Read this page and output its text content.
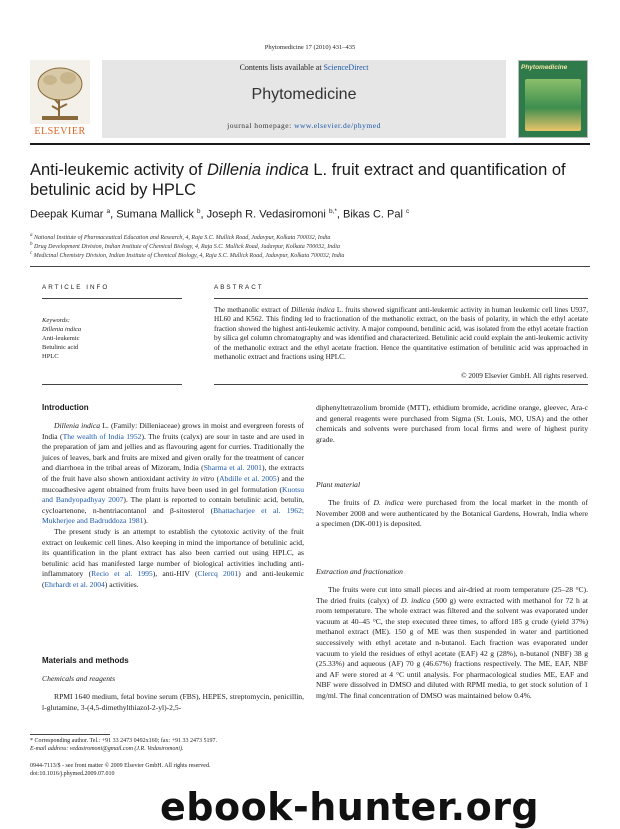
Phytomedicine 17 (2010) 431–435
ELSEVIER
Contents lists available at ScienceDirect
Phytomedicine
journal homepage: www.elsevier.de/phymed
Phytomedicine
Anti-leukemic activity of Dillenia indica L. fruit extract and quantification of betulinic acid by HPLC
Deepak Kumar $^a$, Sumana Mallick $^b$, Joseph R. Vedasiromoni $^{b,*}$, Bikas C. Pal $^c$
$^a$ National Institute of Pharmaceutical Education and Research, 4, Raja S.C. Mullick Road, Jadavpur, Kolkata 700032, India
$^b$ Drug Development Division, Indian Institute of Chemical Biology, 4, Raja S.C. Mullick Road, Jadavpur, Kolkata 700032, India
$^c$ Medicinal Chemistry Division, Indian Institute of Chemical Biology, 4, Raja S.C. Mullick Road, Jadavpur, Kolkata 700032, India
ARTICLE INFO
Keywords:
Dillenia indica
Anti-leukemic
Betulinic acid
HPLC
ABSTRACT
The methanolic extract of Dillenia indica L. fruits showed significant anti-leukemic activity in human leukemic cell lines U937, HL60 and K562. This finding led to fractionation of the methanolic extract, on the basis of polarity, in which the ethyl acetate fraction showed the highest anti-leukemic activity. A major compound, betulinic acid, was isolated from the ethyl acetate fraction by silica gel column chromatography and was identified and characterized. Betulinic acid could explain the anti-leukemic activity of the methanolic extract and the ethyl acetate fraction. Hence the quantitative estimation of betulinic acid was approached in methanolic extract and fractions using HPLC.
© 2009 Elsevier GmbH. All rights reserved.
Introduction

Dillenia indica L. (Family: Dilleniaceae) grows in moist and evergreen forests of India (The wealth of India 1952). The fruits (calyx) are sour in taste and are used in the preparation of jam and jellies and as flavouring agent for curries. Traditionally the juices of leaves, bark and fruits are mixed and given orally for the treatment of cancer and diarrhoea in the tribal areas of Mizoram, India (Sharma et al. 2001), the extracts of the fruit have also shown antioxidant activity in vitro (Abdille et al. 2005) and the mucoadhesive agent obtained from fruits have been used in gel formulation (Kuotsu and Bandyopadhyay 2007). The plant is reported to contain betulinic acid, betulin, cycloartenone, n-hentriacontanol and β-sitosterol (Bhattacharjee et al. 1962; Mukherjee and Badruddoza 1981).

The present study is an attempt to establish the cytotoxic activity of the fruit extract on leukemic cell lines. Also keeping in mind the importance of betulinic acid, its quantification in the plant extract has also been carried out using HPLC, as betulinic acid has manifested large number of biological activities including anti-inflammatory (Recio et al. 1995), anti-HIV (Clercq 2001) and anti-leukemic (Ehrhardt et al. 2004) activities.

Materials and methods
Chemicals and reagents

RPMI 1640 medium, fetal bovine serum (FBS), HEPES, streptomycin, penicillin, l-glutamine, 3-(4,5-dimethylthiazol-2-yl)-2,5-

* Corresponding author. Tel.: +91 33 2473 0492x160; fax: +91 33 2473 5197.
E-mail address: vedasiromoni@gmail.com (J.R. Vedasiromoni).
0944-7113/$ - see front matter © 2009 Elsevier GmbH. All rights reserved.
doi:10.1016/j.phymed.2009.07.010

diphenyltetrazolium bromide (MTT), ethidium bromide, acridine orange, gleevec, Ara-c and general reagents were purchased from Sigma (St. Louis, MO, USA) and the other chemicals and solvents were purchased from local firms and were of highest purity grade.

Plant material

The fruits of D. indica were purchased from the local market in the month of November 2008 and were authenticated by the Botanical Gardens, Howrah, India where a specimen (DK-001) is deposited.

Extraction and fractionation

The fruits were cut into small pieces and air-dried at room temperature (25–28 °C). The dried fruits (calyx) of D. indica (500 g) were extracted with methanol for 72 h at room temperature. The whole extract was filtered and the solvent was evaporated under vacuum at 40–45 °C, the step executed three times, to afford 185 g crude (yield 37%) methanol extract (ME). 150 g of ME was then suspended in water and partitioned successively with ethyl acetate and n-butanol. Each fraction was evaporated under vacuum to yield the residues of ethyl acetate (EAF) 42 g (28%), n-butanol (NBF) 38 g (25.33%) and aqueous (AF) 70 g (46.67%) fractions respectively. The ME, EAF, NBF and AF were stored at 4 °C until analysis. For pharmacological studies ME, EAF and NBF were dissolved in DMSO and diluted with RPMI media, to get stock solution of 1 mg/ml. The final concentration of DMSO was maintained below 0.4%.

ebook-hunter.org
